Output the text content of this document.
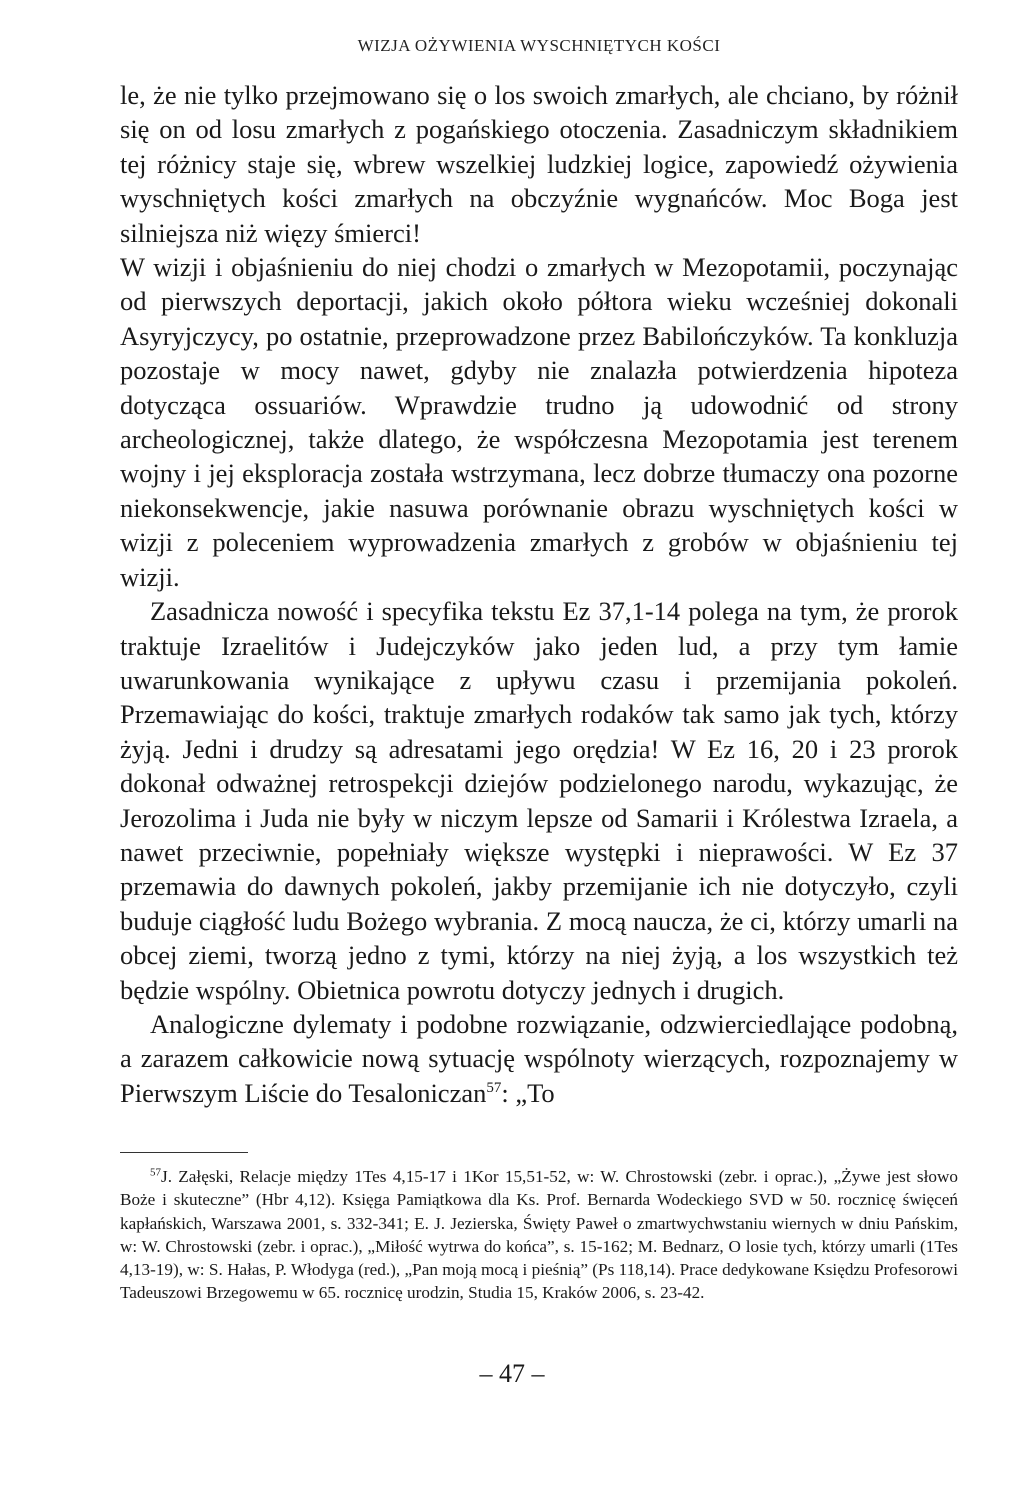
WIZJA OŻYWIENIA WYSCHNIĘTYCH KOŚCI

le, że nie tylko przejmowano się o los swoich zmarłych, ale chciano, by różnił się on od losu zmarłych z pogańskiego otoczenia. Zasadniczym składnikiem tej różnicy staje się, wbrew wszelkiej ludzkiej logice, zapowiedź ożywienia wyschniętych kości zmarłych na obczyźnie wygnańców. Moc Boga jest silniejsza niż więzy śmierci!

W wizji i objaśnieniu do niej chodzi o zmarłych w Mezopotamii, poczynając od pierwszych deportacji, jakich około półtora wieku wcześniej dokonali Asyryjczycy, po ostatnie, przeprowadzone przez Babilończyków. Ta konkluzja pozostaje w mocy nawet, gdyby nie znalazła potwierdzenia hipoteza dotycząca ossuariów. Wprawdzie trudno ją udowodnić od strony archeologicznej, także dlatego, że współczesna Mezopotamia jest terenem wojny i jej eksploracja została wstrzymana, lecz dobrze tłumaczy ona pozorne niekonsekwencje, jakie nasuwa porównanie obrazu wyschniętych kości w wizji z poleceniem wyprowadzenia zmarłych z grobów w objaśnieniu tej wizji.

Zasadnicza nowość i specyfika tekstu Ez 37,1-14 polega na tym, że prorok traktuje Izraelitów i Judejczyków jako jeden lud, a przy tym łamie uwarunkowania wynikające z upływu czasu i przemijania pokoleń. Przemawiając do kości, traktuje zmarłych rodaków tak samo jak tych, którzy żyją. Jedni i drudzy są adresatami jego orędzia! W Ez 16, 20 i 23 prorok dokonał odważnej retrospekcji dziejów podzielonego narodu, wykazując, że Jerozolima i Juda nie były w niczym lepsze od Samarii i Królestwa Izraela, a nawet przeciwnie, popełniały większe występki i nieprawości. W Ez 37 przemawia do dawnych pokoleń, jakby przemijanie ich nie dotyczyło, czyli buduje ciągłość ludu Bożego wybrania. Z mocą naucza, że ci, którzy umarli na obcej ziemi, tworzą jedno z tymi, którzy na niej żyją, a los wszystkich też będzie wspólny. Obietnica powrotu dotyczy jednych i drugich.

Analogiczne dylematy i podobne rozwiązanie, odzwierciedlające podobną, a zarazem całkowicie nową sytuację wspólnoty wierzących, rozpoznajemy w Pierwszym Liście do Tesaloniczan$^{57}$: „To

$^{57}$J. Załęski, Relacje między 1Tes 4,15-17 i 1Kor 15,51-52, w: W. Chrostowski (zebr. i oprac.), „Żywe jest słowo Boże i skuteczne” (Hbr 4,12). Księga Pamiątkowa dla Ks. Prof. Bernarda Wodeckiego SVD w 50. rocznicę święceń kapłańskich, Warszawa 2001, s. 332-341; E. J. Jezierska, Święty Paweł o zmartwychwstaniu wiernych w dniu Pańskim, w: W. Chrostowski (zebr. i oprac.), „Miłość wytrwa do końca”, s. 15-162; M. Bednarz, O losie tych, którzy umarli (1Tes 4,13-19), w: S. Hałas, P. Włodyga (red.), „Pan moją mocą i pieśnią” (Ps 118,14). Prace dedykowane Księdzu Profesorowi Tadeuszowi Brzegowemu w 65. rocznicę urodzin, Studia 15, Kraków 2006, s. 23-42.

– 47 –
